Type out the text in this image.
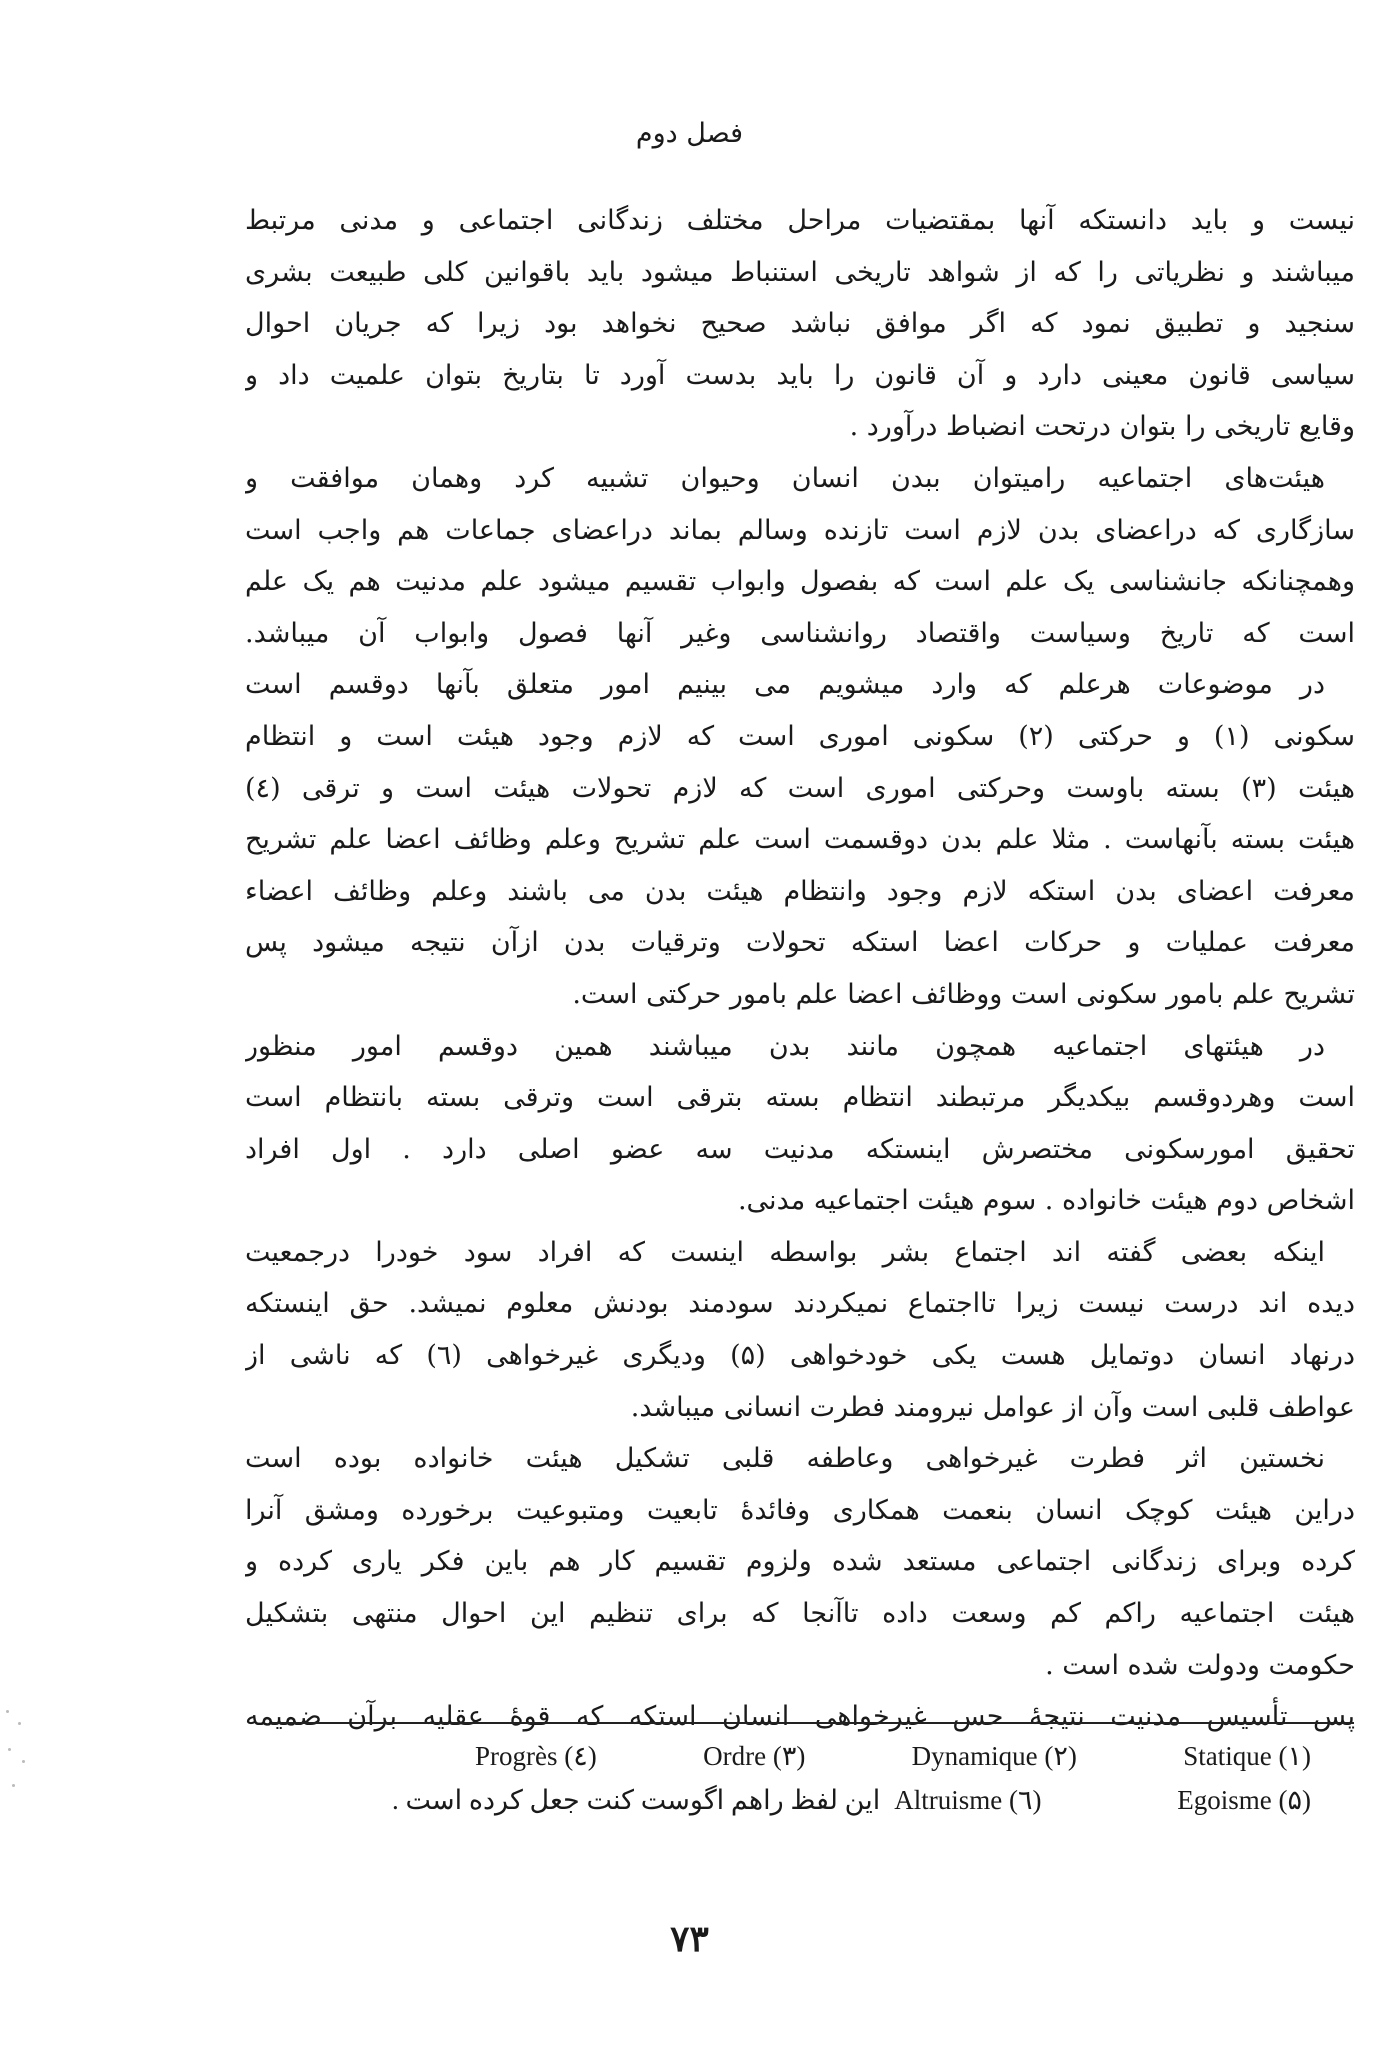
فصل دوم
نیست و باید دانستکه آنها بمقتضیات مراحل مختلف زندگانی اجتماعی و مدنی مرتبط
میباشند و نظریاتی را که از شواهد تاریخی استنباط میشود باید باقوانین کلی طبیعت بشری
سنجید و تطبیق نمود که اگر موافق نباشد صحیح نخواهد بود زیرا که جریان احوال
سیاسی قانون معینی دارد و آن قانون را باید بدست آورد تا بتاریخ بتوان علمیت داد و
وقایع تاریخی را بتوان درتحت انضباط درآورد .
هیئت‌های اجتماعیه رامیتوان ببدن انسان وحیوان تشبیه کرد وهمان موافقت و
سازگاری که دراعضای بدن لازم است تازنده وسالم بماند دراعضای جماعات هم واجب است
وهمچنانکه جانشناسی یک علم است که بفصول وابواب تقسیم میشود علم مدنیت هم یک علم
است که تاریخ وسیاست واقتصاد روانشناسی وغیر آنها فصول وابواب آن میباشد.
در موضوعات هرعلم که وارد میشویم می بینیم امور متعلق بآنها دوقسم است
سکونی (۱) و حرکتی (۲) سکونی اموری است که لازم وجود هیئت است و انتظام
هیئت (۳) بسته باوست وحرکتی اموری است که لازم تحولات هیئت است و ترقی (٤)
هیئت بسته بآنهاست . مثلا علم بدن دوقسمت است علم تشریح وعلم وظائف اعضا علم تشریح
معرفت اعضای بدن استکه لازم وجود وانتظام هیئت بدن می باشند وعلم وظائف اعضاء
معرفت عملیات و حرکات اعضا استکه تحولات وترقیات بدن ازآن نتیجه میشود پس
تشریح علم بامور سکونی است ووظائف اعضا علم بامور حرکتی است.
در هیئتهای اجتماعیه همچون مانند بدن میباشند همین دوقسم امور منظور
است وهردوقسم بیکدیگر مرتبطند انتظام بسته بترقی است وترقی بسته بانتظام است
تحقیق امورسکونی مختصرش اینستکه مدنیت سه عضو اصلی دارد . اول افراد
اشخاص دوم هیئت خانواده . سوم هیئت اجتماعیه مدنی.
اینکه بعضی گفته اند اجتماع بشر بواسطه اینست که افراد سود خودرا درجمعیت
دیده اند درست نیست زیرا تااجتماع نمیکردند سودمند بودنش معلوم نمیشد. حق اینستکه
درنهاد انسان دوتمایل هست یکی خودخواهی (۵) ودیگری غیرخواهی (٦) که ناشی از
عواطف قلبی است وآن از عوامل نیرومند فطرت انسانی میباشد.
نخستین اثر فطرت غیرخواهی وعاطفه قلبی تشکیل هیئت خانواده بوده است
دراین هیئت کوچک انسان بنعمت همکاری وفائدهٔ تابعیت ومتبوعیت برخورده ومشق آنرا
کرده وبرای زندگانی اجتماعی مستعد شده ولزوم تقسیم کار هم باین فکر یاری کرده و
هیئت اجتماعیه راکم کم وسعت داده تاآنجا که برای تنظیم این احوال منتهی بتشکیل
حکومت ودولت شده است .
پس تأسیس مدنیت نتیجهٔ حس غیرخواهی انسان استکه که قوهٔ عقلیه برآن ضمیمه
Progrès (٤)	Ordre (۳)	Dynamique (۲)	Statique (۱)
این لفظ راهم اگوست کنت جعل کرده است . Altruisme (٦)	Egoisme (۵)
۷۳
